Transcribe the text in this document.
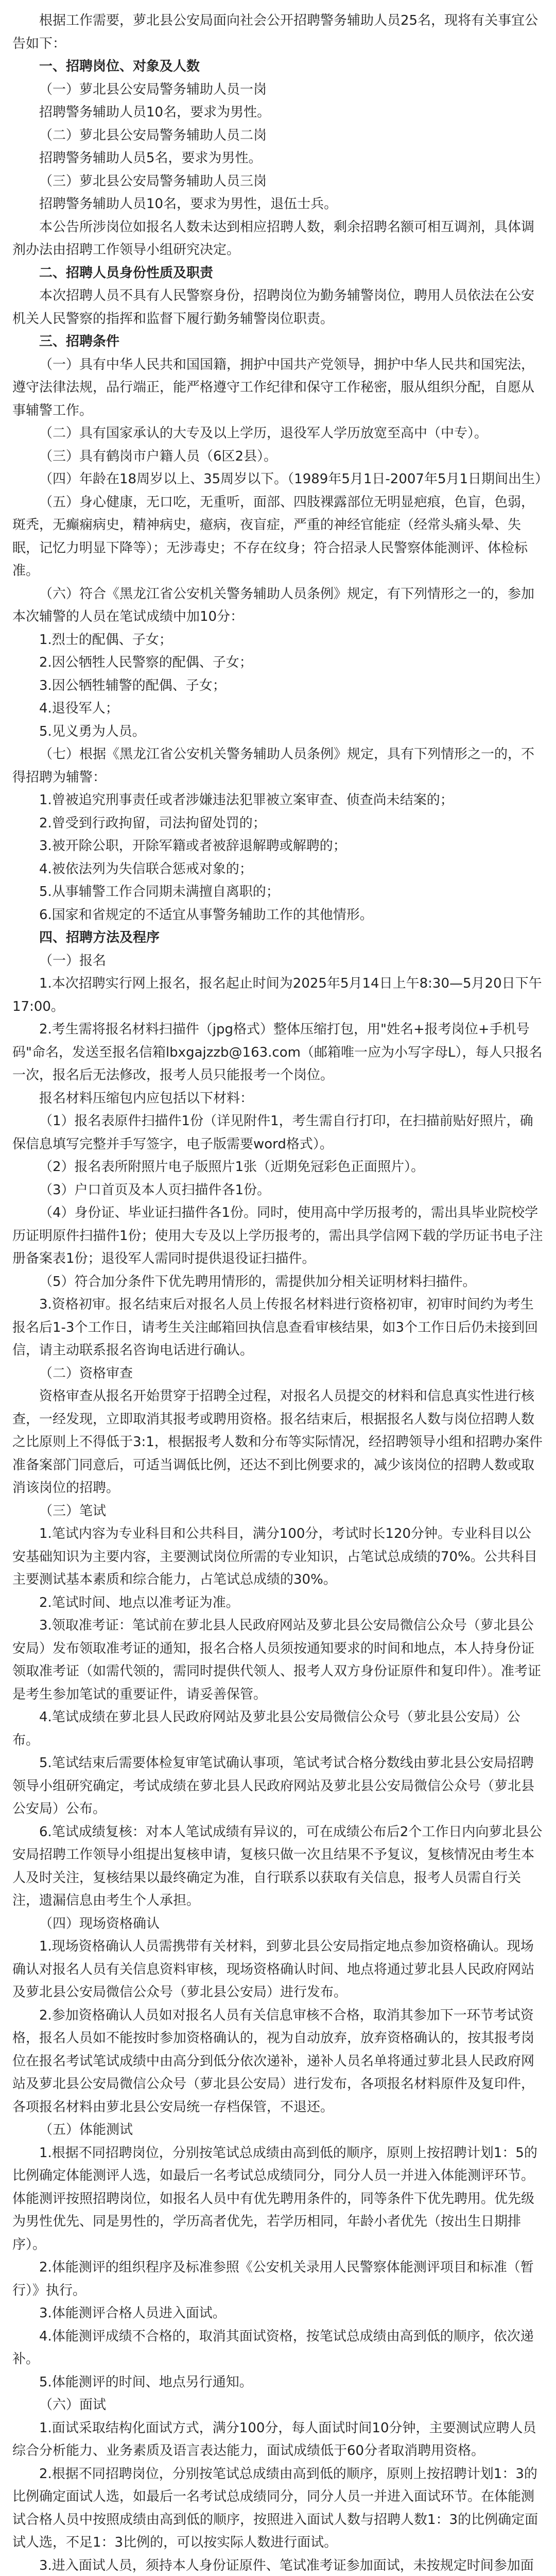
根据工作需要，萝北县公安局面向社会公开招聘警务辅助人员25名，现将有关事宜公告如下：

一、招聘岗位、对象及人数

（一）萝北县公安局警务辅助人员一岗

招聘警务辅助人员10名，要求为男性。

（二）萝北县公安局警务辅助人员二岗

招聘警务辅助人员5名，要求为男性。

（三）萝北县公安局警务辅助人员三岗

招聘警务辅助人员10名，要求为男性，退伍士兵。

本公告所涉岗位如报名人数未达到相应招聘人数，剩余招聘名额可相互调剂，具体调剂办法由招聘工作领导小组研究决定。

二、招聘人员身份性质及职责

本次招聘人员不具有人民警察身份，招聘岗位为勤务辅警岗位，聘用人员依法在公安机关人民警察的指挥和监督下履行勤务辅警岗位职责。

三、招聘条件

（一）具有中华人民共和国国籍，拥护中国共产党领导，拥护中华人民共和国宪法，遵守法律法规，品行端正，能严格遵守工作纪律和保守工作秘密，服从组织分配，自愿从事辅警工作。

（二）具有国家承认的大专及以上学历，退役军人学历放宽至高中（中专）。

（三）具有鹤岗市户籍人员（6区2县）。

（四）年龄在18周岁以上、35周岁以下。（1989年5月1日-2007年5月1日期间出生）

（五）身心健康，无口吃，无重听，面部、四肢裸露部位无明显疤痕，色盲，色弱，斑秃，无癫痫病史，精神病史，癔病，夜盲症，严重的神经官能症（经常头痛头晕、失眠，记忆力明显下降等）；无涉毒史；不存在纹身；符合招录人民警察体能测评、体检标准。

（六）符合《黑龙江省公安机关警务辅助人员条例》规定，有下列情形之一的，参加本次辅警的人员在笔试成绩中加10分：

1.烈士的配偶、子女；

2.因公牺牲人民警察的配偶、子女；

3.因公牺牲辅警的配偶、子女；

4.退役军人；

5.见义勇为人员。

（七）根据《黑龙江省公安机关警务辅助人员条例》规定，具有下列情形之一的，不得招聘为辅警：

1.曾被追究刑事责任或者涉嫌违法犯罪被立案审查、侦查尚未结案的；

2.曾受到行政拘留，司法拘留处罚的；

3.被开除公职，开除军籍或者被辞退解聘或解聘的；

4.被依法列为失信联合惩戒对象的；

5.从事辅警工作合同期未满擅自离职的；

6.国家和省规定的不适宜从事警务辅助工作的其他情形。

四、招聘方法及程序

（一）报名

1.本次招聘实行网上报名，报名起止时间为2025年5月14日上午8:30—5月20日下午17:00。

2.考生需将报名材料扫描件（jpg格式）整体压缩打包，用"姓名+报考岗位+手机号码"命名，发送至报名信箱lbxgajzzb@163.com（邮箱唯一应为小写字母L），每人只报名一次，报名后无法修改，报考人员只能报考一个岗位。

报名材料压缩包内应包括以下材料：

（1）报名表原件扫描件1份（详见附件1，考生需自行打印，在扫描前贴好照片，确保信息填写完整并手写签字，电子版需要word格式）。

（2）报名表所附照片电子版照片1张（近期免冠彩色正面照片）。

（3）户口首页及本人页扫描件各1份。

（4）身份证、毕业证扫描件各1份。同时，使用高中学历报考的，需出具毕业院校学历证明原件扫描件1份；使用大专及以上学历报考的，需出具学信网下载的学历证书电子注册备案表1份；退役军人需同时提供退役证扫描件。

（5）符合加分条件下优先聘用情形的，需提供加分相关证明材料扫描件。

3.资格初审。报名结束后对报名人员上传报名材料进行资格初审，初审时间约为考生报名后1-3个工作日，请考生关注邮箱回执信息查看审核结果，如3个工作日后仍未接到回信，请主动联系报名咨询电话进行确认。

（二）资格审查

资格审查从报名开始贯穿于招聘全过程，对报名人员提交的材料和信息真实性进行核查，一经发现，立即取消其报考或聘用资格。报名结束后，根据报名人数与岗位招聘人数之比原则上不得低于3:1，根据报考人数和分布等实际情况，经招聘领导小组和招聘办案件准备案部门同意后，可适当调低比例，还达不到比例要求的，减少该岗位的招聘人数或取消该岗位的招聘。

（三）笔试

1.笔试内容为专业科目和公共科目，满分100分，考试时长120分钟。专业科目以公安基础知识为主要内容，主要测试岗位所需的专业知识，占笔试总成绩的70%。公共科目主要测试基本素质和综合能力，占笔试总成绩的30%。

2.笔试时间、地点以准考证为准。

3.领取准考证：笔试前在萝北县人民政府网站及萝北县公安局微信公众号（萝北县公安局）发布领取准考证的通知，报名合格人员须按通知要求的时间和地点，本人持身份证领取准考证（如需代领的，需同时提供代领人、报考人双方身份证原件和复印件）。准考证是考生参加笔试的重要证件，请妥善保管。

4.笔试成绩在萝北县人民政府网站及萝北县公安局微信公众号（萝北县公安局）公布。

5.笔试结束后需要体检复审笔试确认事项，笔试考试合格分数线由萝北县公安局招聘领导小组研究确定，考试成绩在萝北县人民政府网站及萝北县公安局微信公众号（萝北县公安局）公布。

6.笔试成绩复核：对本人笔试成绩有异议的，可在成绩公布后2个工作日内向萝北县公安局招聘工作领导小组提出复核申请，复核只做一次且结果不予复议，复核情况由考生本人及时关注，复核结果以最终确定为准，自行联系以获取有关信息，报考人员需自行关注，遗漏信息由考生个人承担。

（四）现场资格确认

1.现场资格确认人员需携带有关材料，到萝北县公安局指定地点参加资格确认。现场确认对报名人员有关信息资料审核，现场资格确认时间、地点将通过萝北县人民政府网站及萝北县公安局微信公众号（萝北县公安局）进行发布。

2.参加资格确认人员如对报名人员有关信息审核不合格，取消其参加下一环节考试资格，报名人员如不能按时参加资格确认的，视为自动放弃，放弃资格确认的，按其报考岗位在报名考试笔试成绩中由高分到低分依次递补，递补人员名单将通过萝北县人民政府网站及萝北县公安局微信公众号（萝北县公安局）进行发布，各项报名材料原件及复印件，各项报名材料由萝北县公安局统一存档保管，不退还。

（五）体能测试

1.根据不同招聘岗位，分别按笔试总成绩由高到低的顺序，原则上按招聘计划1：5的比例确定体能测评人选，如最后一名考试总成绩同分，同分人员一并进入体能测评环节。体能测评按照招聘岗位，如报名人员中有优先聘用条件的，同等条件下优先聘用。优先级为男性优先、同是男性的，学历高者优先，若学历相同，年龄小者优先（按出生日期排序）。

2.体能测评的组织程序及标准参照《公安机关录用人民警察体能测评项目和标准（暂行）》执行。

3.体能测评合格人员进入面试。

4.体能测评成绩不合格的，取消其面试资格，按笔试总成绩由高到低的顺序，依次递补。

5.体能测评的时间、地点另行通知。

（六）面试

1.面试采取结构化面试方式，满分100分，每人面试时间10分钟，主要测试应聘人员综合分析能力、业务素质及语言表达能力，面试成绩低于60分者取消聘用资格。

2.根据不同招聘岗位，分别按笔试总成绩由高到低的顺序，原则上按招聘计划1：3的比例确定面试人选，如最后一名考试总成绩同分，同分人员一并进入面试环节。在体能测试合格人员中按照成绩由高到低的顺序，按照进入面试人数与招聘人数1：3的比例确定面试人选，不足1：3比例的，可以按实际人数进行面试。

3.进入面试人员，须持本人身份证原件、笔试准考证参加面试，未按规定时间参加面
